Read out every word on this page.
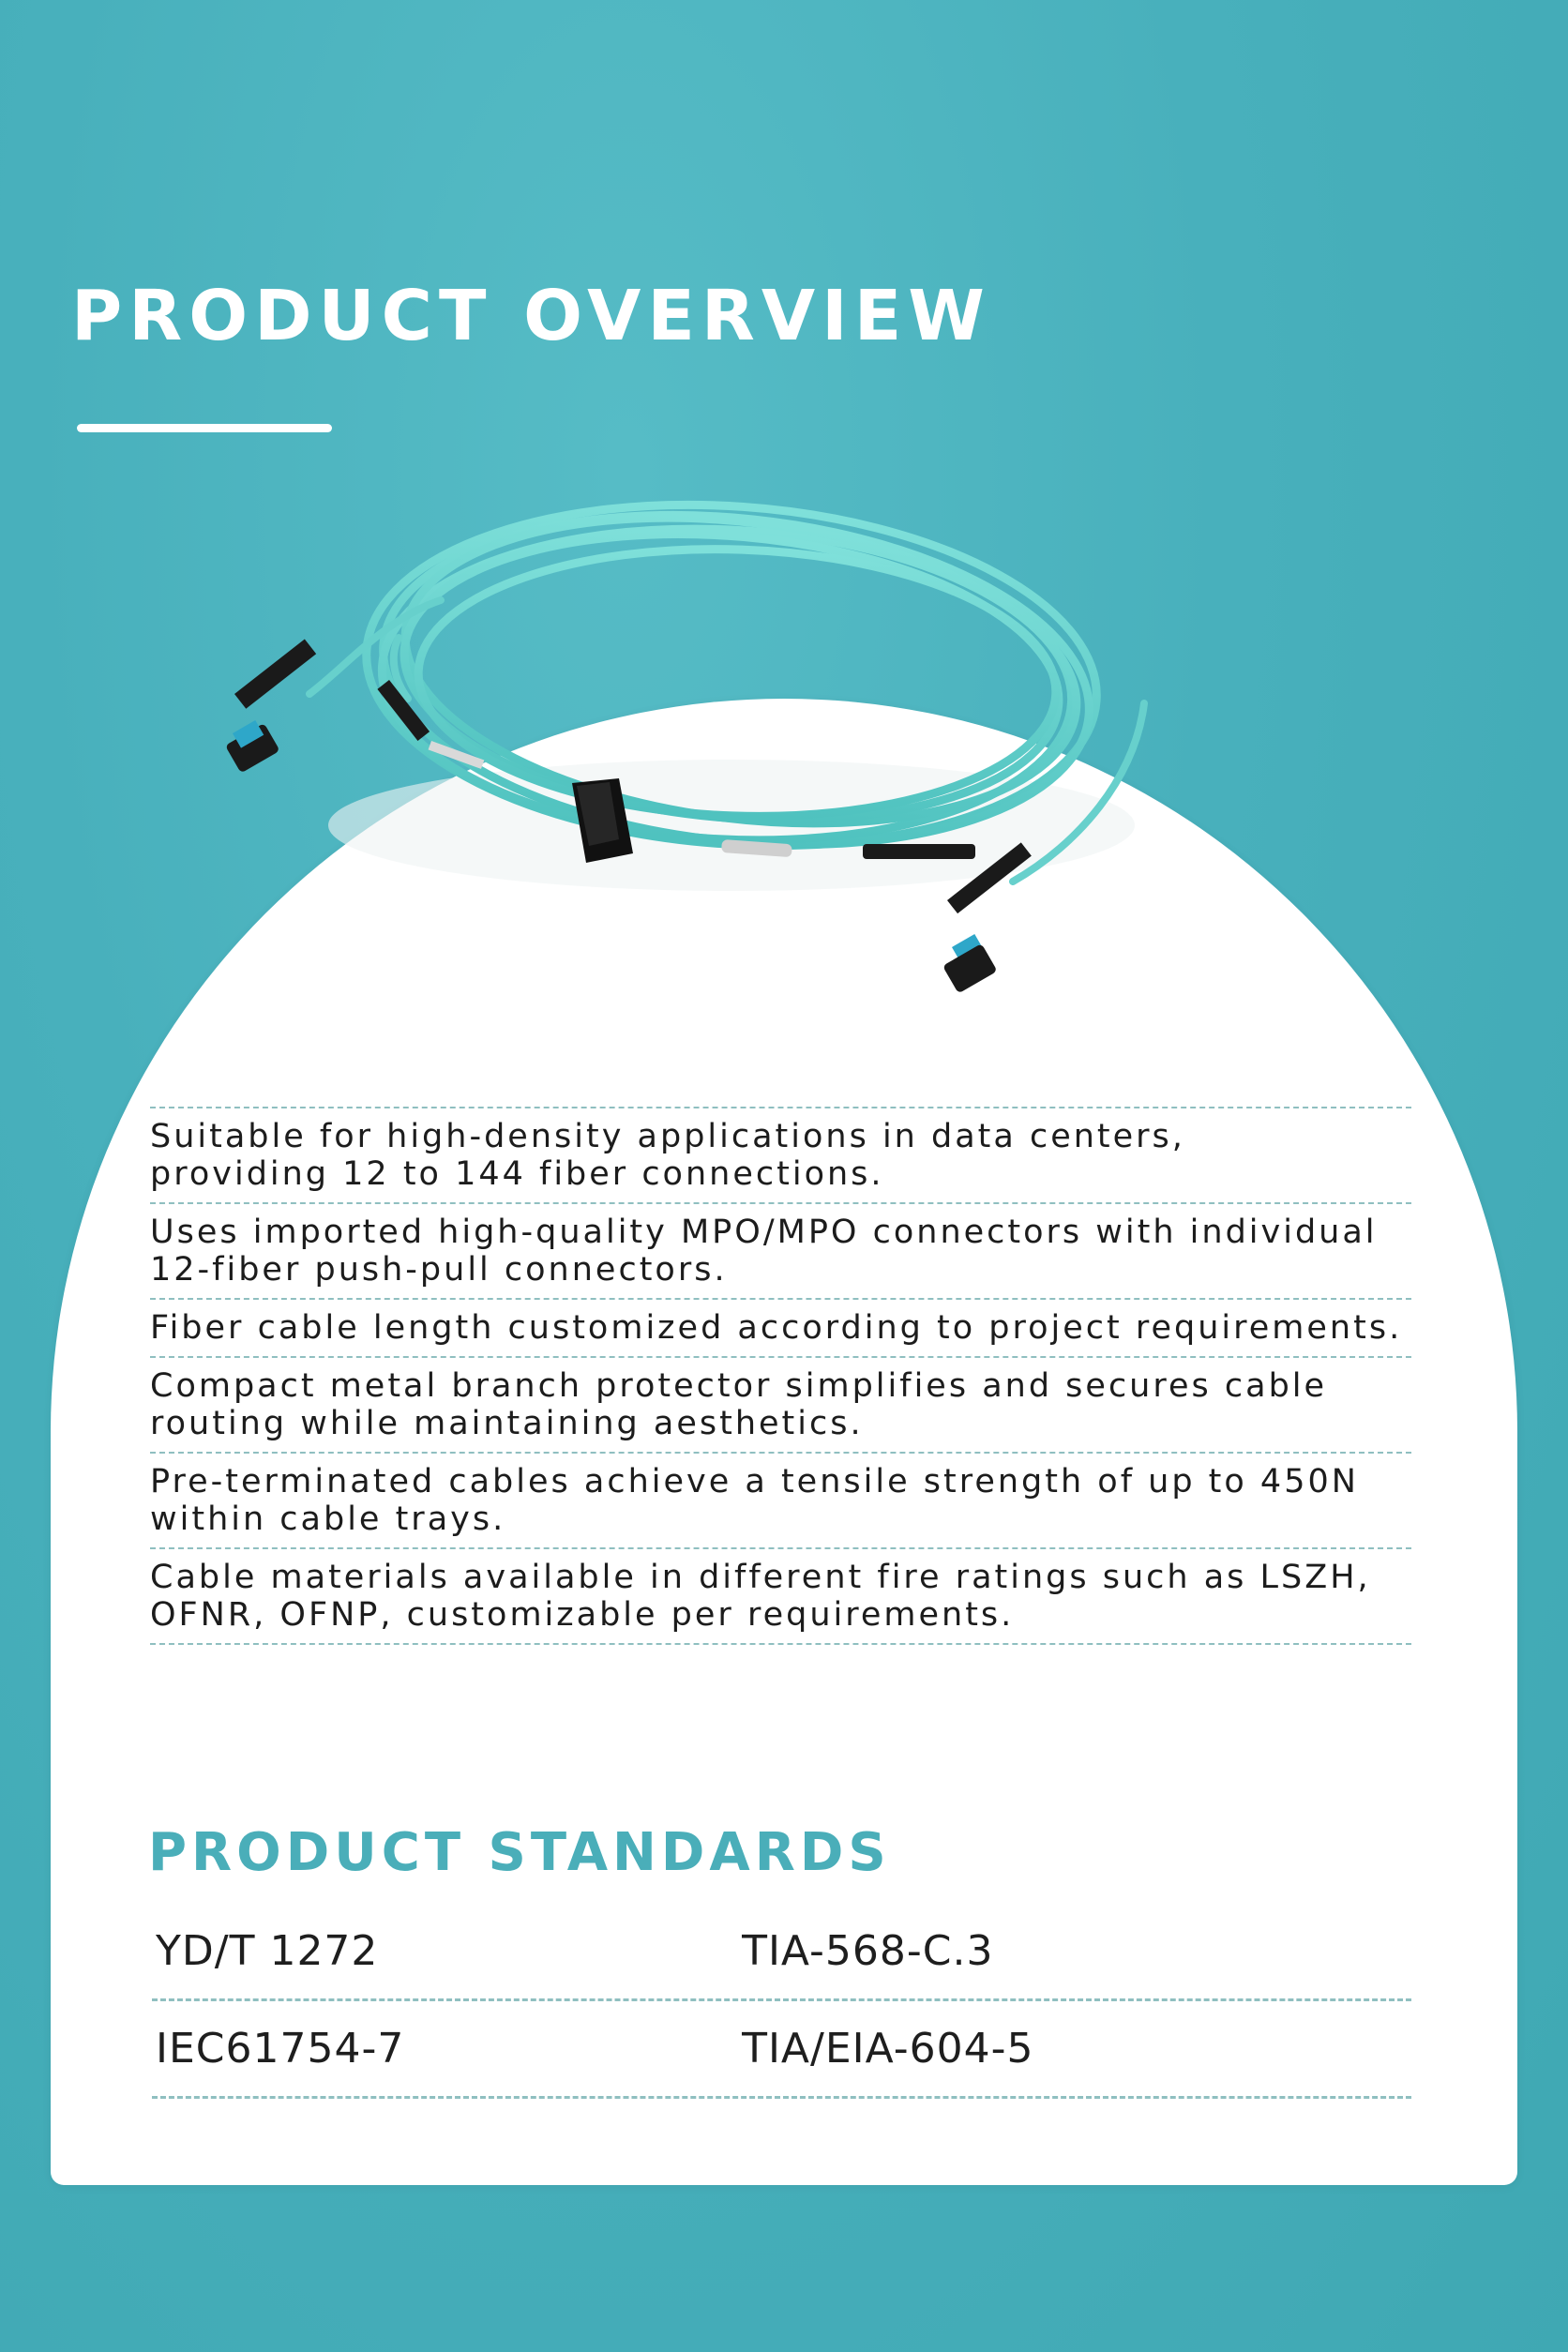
PRODUCT OVERVIEW
Suitable for high-density applications in data centers,
providing 12 to 144 fiber connections.
Uses imported high-quality MPO/MPO connectors with individual
12-fiber push-pull connectors.
Fiber cable length customized according to project requirements.
Compact metal branch protector simplifies and secures cable
routing while maintaining aesthetics.
Pre-terminated cables achieve a tensile strength of up to 450N
within cable trays.
Cable materials available in different fire ratings such as LSZH,
OFNR, OFNP, customizable per requirements.
PRODUCT STANDARDS
YD/T 1272	TIA-568-C.3
IEC61754-7	TIA/EIA-604-5
